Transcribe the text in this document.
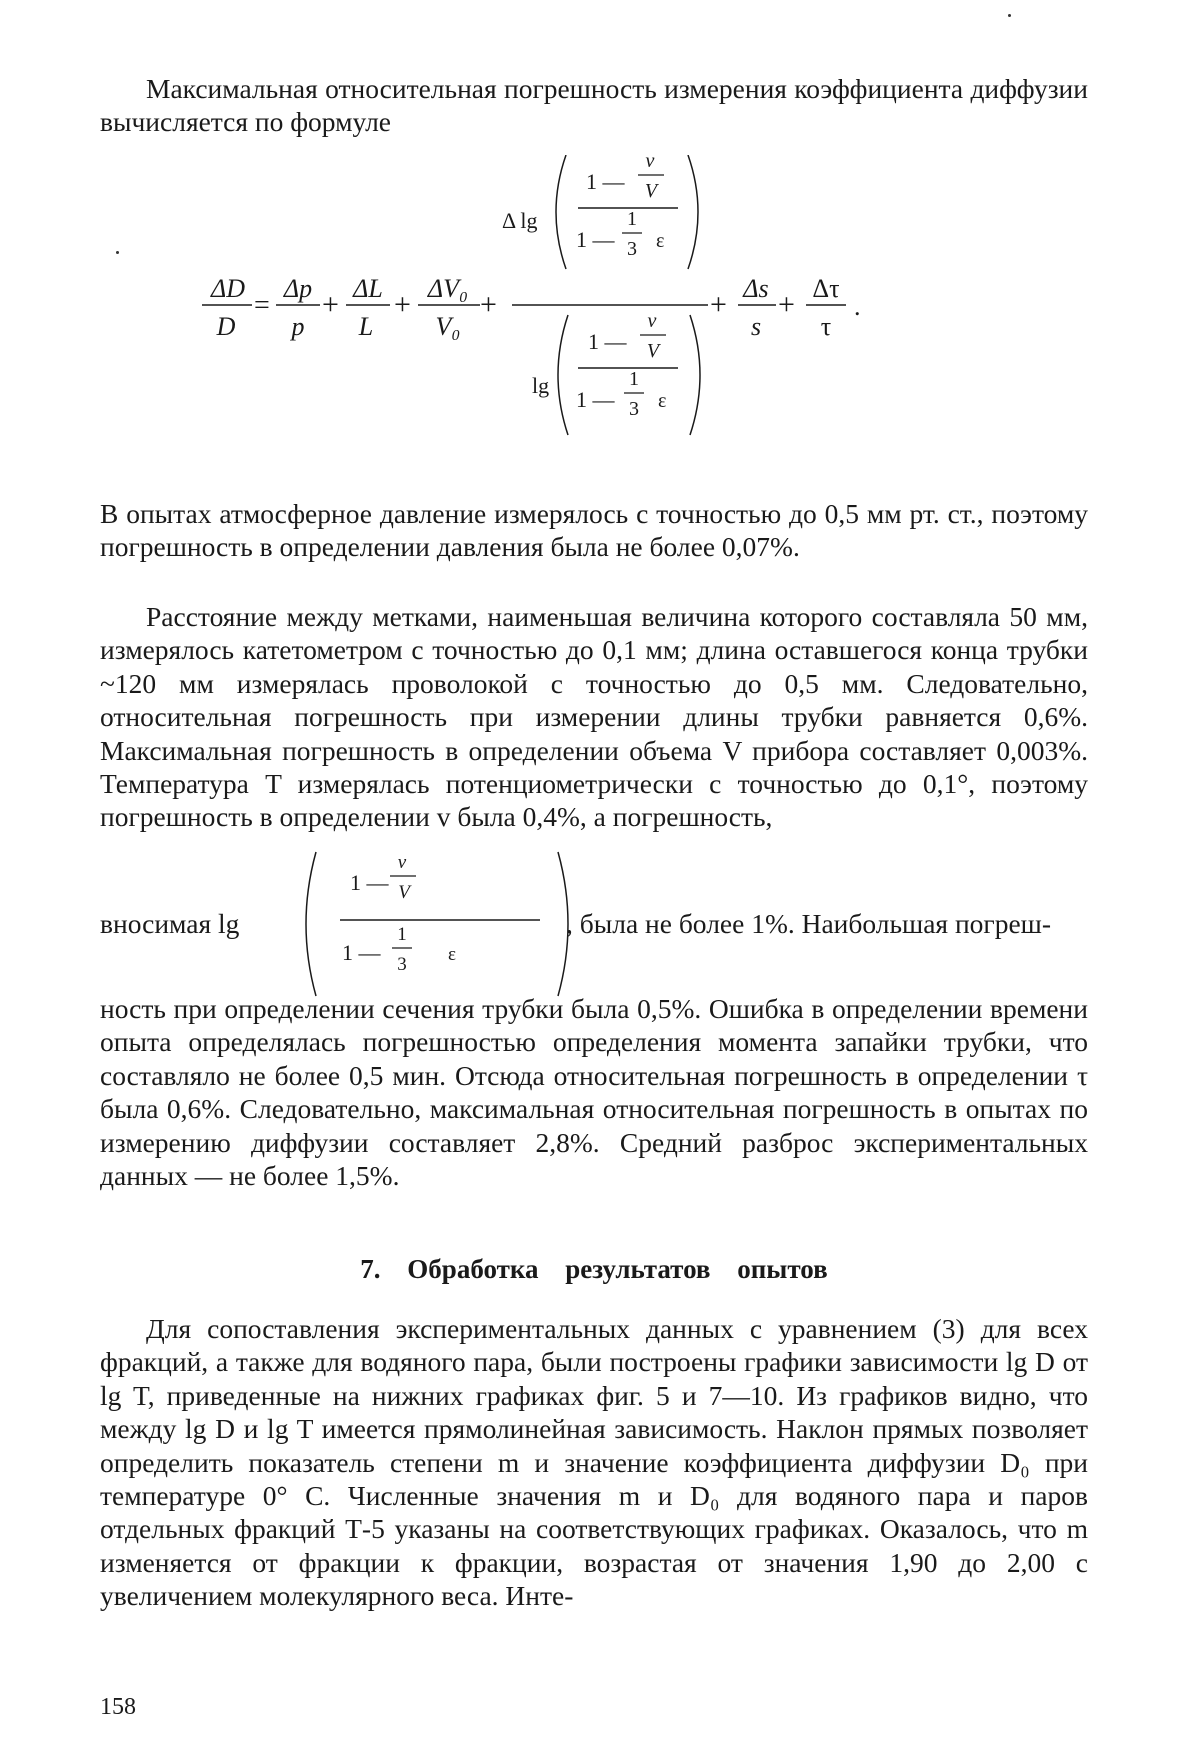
Максимальная относительная погрешность измерения коэффициента диффузии вычисляется по формуле
ΔD
D
=
Δp
p
+ ΔL
L
+ ΔV₀
V₀
+
Δ lg
1 —
v
V
1 —
1
3 ε
lg
1 —
v
V
1 —
1
3 ε
+ Δs
s
+ Δτ
τ
.
В опытах атмосферное давление измерялось с точностью до 0,5 мм рт. ст., поэтому погрешность в определении давления была не более 0,07%.
Расстояние между метками, наименьшая величина которого составляла 50 мм, измерялось катетометром с точностью до 0,1 мм; длина оставшегося конца трубки ~120 мм измерялась проволокой с точностью до 0,5 мм. Следовательно, относительная погрешность при измерении длины трубки равняется 0,6%. Максимальная погрешность в определении объема V прибора составляет 0,003%. Температура T измерялась потенциометрически с точностью до 0,1°, поэтому погрешность в определении v была 0,4%, а погрешность,
вносимая lg
1 —
v
V
1 —
1
3 ε
, была не более 1%. Наибольшая погреш-
ность при определении сечения трубки была 0,5%. Ошибка в определении времени опыта определялась погрешностью определения момента запайки трубки, что составляло не более 0,5 мин. Отсюда относительная погрешность в определении τ была 0,6%. Следовательно, максимальная относительная погрешность в опытах по измерению диффузии составляет 2,8%. Средний разброс экспериментальных данных — не более 1,5%.
7. Обработка результатов опытов
Для сопоставления экспериментальных данных с уравнением (3) для всех фракций, а также для водяного пара, были построены графики зависимости lg D от lg T, приведенные на нижних графиках фиг. 5 и 7—10. Из графиков видно, что между lg D и lg T имеется прямолинейная зависимость. Наклон прямых позволяет определить показатель степени m и значение коэффициента диффузии D₀ при температуре 0° С. Численные значения m и D₀ для водяного пара и паров отдельных фракций Т-5 указаны на соответствующих графиках. Оказалось, что m изменяется от фракции к фракции, возрастая от значения 1,90 до 2,00 с увеличением молекулярного веса. Инте-
158
